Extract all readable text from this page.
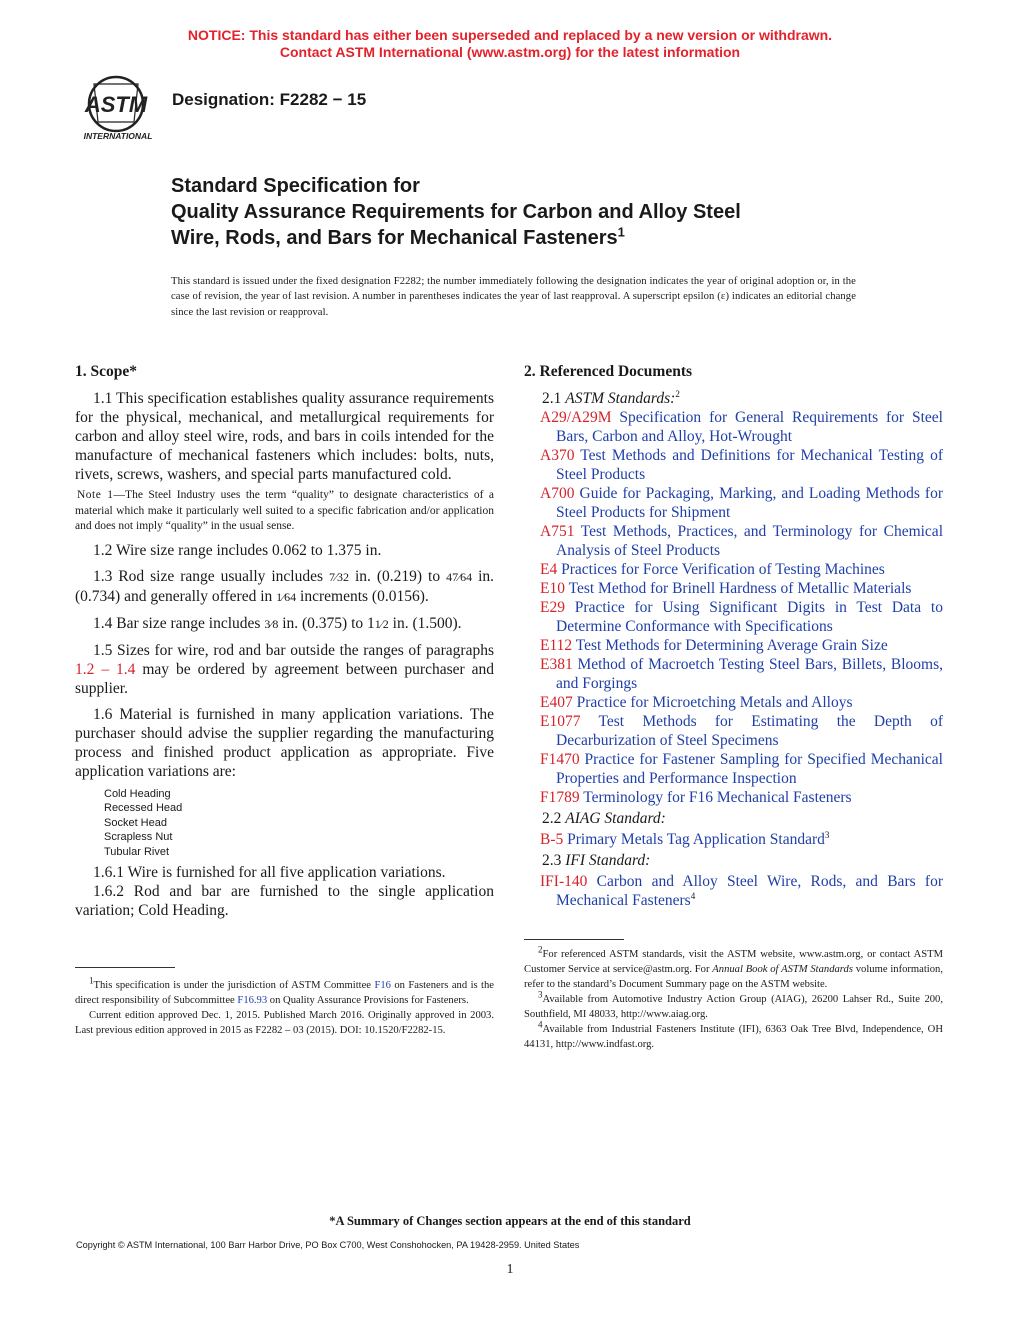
NOTICE: This standard has either been superseded and replaced by a new version or withdrawn.
Contact ASTM International (www.astm.org) for the latest information
ASTM
INTERNATIONAL
Designation: F2282 − 15
Standard Specification for
Quality Assurance Requirements for Carbon and Alloy Steel
Wire, Rods, and Bars for Mechanical Fasteners$^1$
This standard is issued under the fixed designation F2282; the number immediately following the designation indicates the year of original adoption or, in the case of revision, the year of last revision. A number in parentheses indicates the year of last reapproval. A superscript epsilon (ε) indicates an editorial change since the last revision or reapproval.

1. Scope*

1.1 This specification establishes quality assurance requirements for the physical, mechanical, and metallurgical requirements for carbon and alloy steel wire, rods, and bars in coils intended for the manufacture of mechanical fasteners which includes: bolts, nuts, rivets, screws, washers, and special parts manufactured cold.

Note 1—The Steel Industry uses the term “quality” to designate characteristics of a material which make it particularly well suited to a specific fabrication and/or application and does not imply “quality” in the usual sense.

1.2 Wire size range includes 0.062 to 1.375 in.

1.3 Rod size range usually includes 7⁄32 in. (0.219) to 47⁄64 in. (0.734) and generally offered in 1⁄64 increments (0.0156).

1.4 Bar size range includes 3⁄8 in. (0.375) to 11⁄2 in. (1.500).

1.5 Sizes for wire, rod and bar outside the ranges of paragraphs 1.2 – 1.4 may be ordered by agreement between purchaser and supplier.

1.6 Material is furnished in many application variations. The purchaser should advise the supplier regarding the manufacturing process and finished product application as appropriate. Five application variations are:

Cold Heading
Recessed Head
Socket Head
Scrapless Nut
Tubular Rivet

1.6.1 Wire is furnished for all five application variations.

1.6.2 Rod and bar are furnished to the single application variation; Cold Heading.

$^1$This specification is under the jurisdiction of ASTM Committee F16 on Fasteners and is the direct responsibility of Subcommittee F16.93 on Quality Assurance Provisions for Fasteners.
Current edition approved Dec. 1, 2015. Published March 2016. Originally approved in 2003. Last previous edition approved in 2015 as F2282 – 03 (2015). DOI: 10.1520/F2282-15.

2. Referenced Documents

2.1 ASTM Standards:$^2$

A29/A29M Specification for General Requirements for Steel Bars, Carbon and Alloy, Hot-Wrought

A370 Test Methods and Definitions for Mechanical Testing of Steel Products

A700 Guide for Packaging, Marking, and Loading Methods for Steel Products for Shipment

A751 Test Methods, Practices, and Terminology for Chemical Analysis of Steel Products

E4 Practices for Force Verification of Testing Machines

E10 Test Method for Brinell Hardness of Metallic Materials

E29 Practice for Using Significant Digits in Test Data to Determine Conformance with Specifications

E112 Test Methods for Determining Average Grain Size

E381 Method of Macroetch Testing Steel Bars, Billets, Blooms, and Forgings

E407 Practice for Microetching Metals and Alloys

E1077 Test Methods for Estimating the Depth of Decarburization of Steel Specimens

F1470 Practice for Fastener Sampling for Specified Mechanical Properties and Performance Inspection

F1789 Terminology for F16 Mechanical Fasteners

2.2 AIAG Standard:

B-5 Primary Metals Tag Application Standard$^3$

2.3 IFI Standard:

IFI-140 Carbon and Alloy Steel Wire, Rods, and Bars for Mechanical Fasteners$^4$

$^2$For referenced ASTM standards, visit the ASTM website, www.astm.org, or contact ASTM Customer Service at service@astm.org. For Annual Book of ASTM Standards volume information, refer to the standard’s Document Summary page on the ASTM website.
$^3$Available from Automotive Industry Action Group (AIAG), 26200 Lahser Rd., Suite 200, Southfield, MI 48033, http://www.aiag.org.
$^4$Available from Industrial Fasteners Institute (IFI), 6363 Oak Tree Blvd, Independence, OH 44131, http://www.indfast.org.
*A Summary of Changes section appears at the end of this standard
Copyright © ASTM International, 100 Barr Harbor Drive, PO Box C700, West Conshohocken, PA 19428-2959. United States
1
